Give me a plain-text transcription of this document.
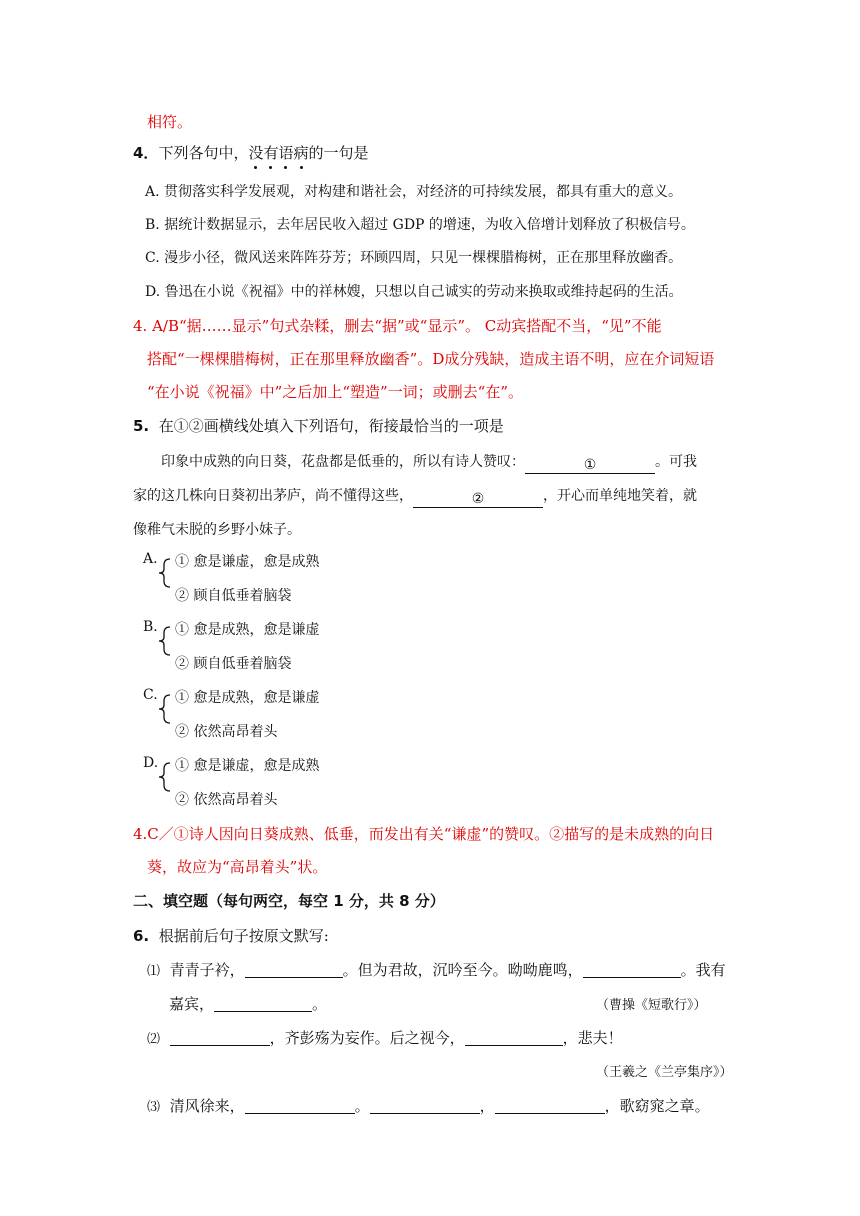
相符。
4．下列各句中，没有语病的一句是
A. 贯彻落实科学发展观，对构建和谐社会，对经济的可持续发展，都具有重大的意义。
B. 据统计数据显示，去年居民收入超过 GDP 的增速，为收入倍增计划释放了积极信号。
C. 漫步小径，微风送来阵阵芬芳；环顾四周，只见一棵棵腊梅树，正在那里释放幽香。
D. 鲁迅在小说《祝福》中的祥林嫂，只想以自己诚实的劳动来换取或维持起码的生活。
4. A/B“据……显示”句式杂糅，删去“据”或“显示”。 C动宾搭配不当，“见”不能
搭配“一棵棵腊梅树，正在那里释放幽香”。D成分残缺，造成主语不明，应在介词短语
“在小说《祝福》中”之后加上“塑造”一词；或删去“在”。
5. 在①②画横线处填入下列语句，衔接最恰当的一项是
印象中成熟的向日葵，花盘都是低垂的，所以有诗人赞叹：	①	。可我
家的这几株向日葵初出茅庐，尚不懂得这些，	②	，开心而单纯地笑着，就
像稚气未脱的乡野小妹子。
A. ① 愈是谦虚，愈是成熟
② 顾自低垂着脑袋
B. ① 愈是成熟，愈是谦虚
② 顾自低垂着脑袋
C. ① 愈是成熟，愈是谦虚
② 依然高昂着头
D. ① 愈是谦虚，愈是成熟
② 依然高昂着头
4.C／①诗人因向日葵成熟、低垂，而发出有关“谦虚”的赞叹。②描写的是未成熟的向日
葵，故应为“高昂着头”状。
二、填空题（每句两空，每空 1 分，共 8 分）
6. 根据前后句子按原文默写:
⑴ 青青子衿，	。但为君故，沉吟至今。呦呦鹿鸣，	。我有
嘉宾，	。	（曹操《短歌行》）
⑵	，齐彭殇为妄作。后之视今，	，悲夫！
（王羲之《兰亭集序》）
⑶ 清风徐来，	。	，	，歌窈窕之章。
